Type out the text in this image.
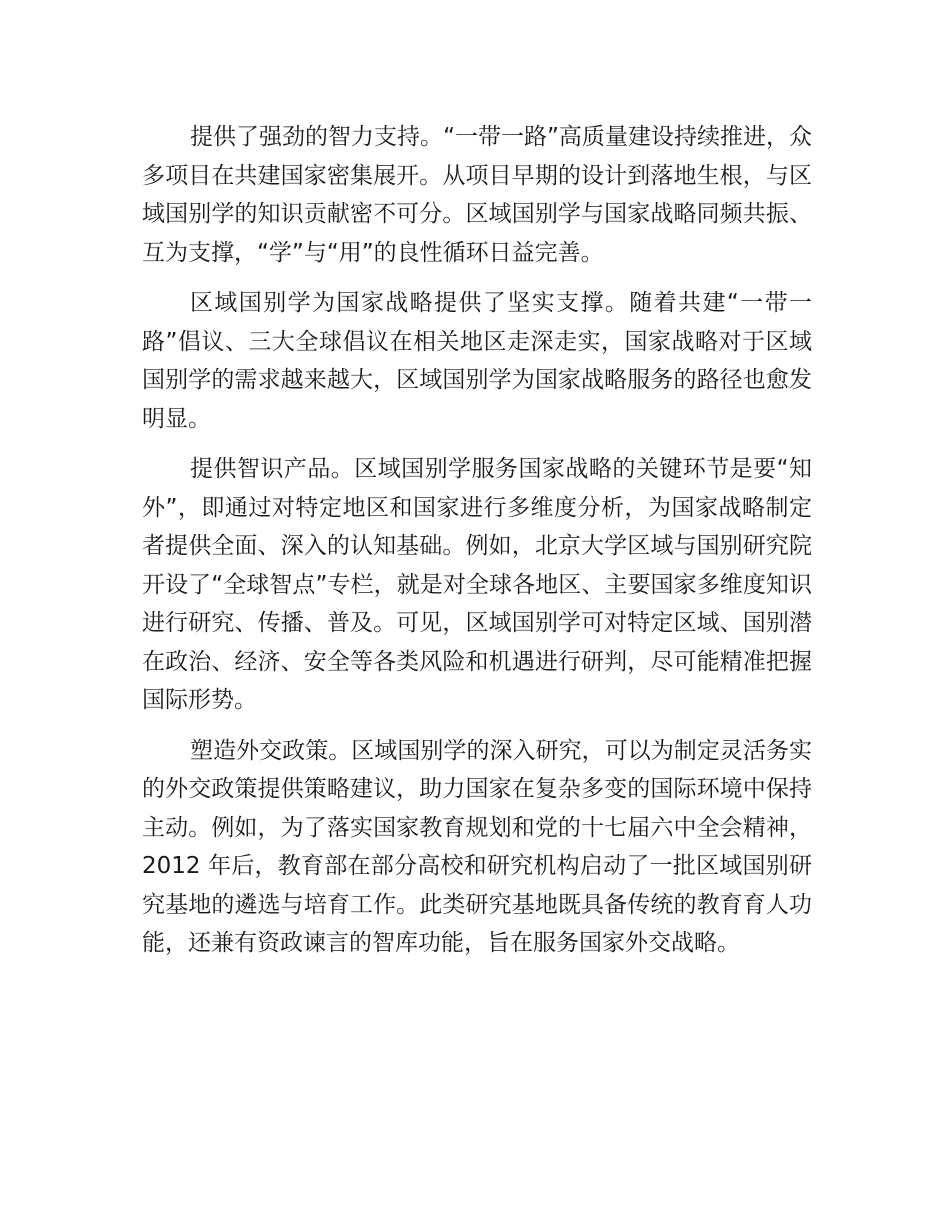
提供了强劲的智力支持。“一带一路”高质量建设持续推进，众多项目在共建国家密集展开。从项目早期的设计到落地生根，与区域国别学的知识贡献密不可分。区域国别学与国家战略同频共振、互为支撑，“学”与“用”的良性循环日益完善。

区域国别学为国家战略提供了坚实支撑。随着共建“一带一路”倡议、三大全球倡议在相关地区走深走实，国家战略对于区域国别学的需求越来越大，区域国别学为国家战略服务的路径也愈发明显。

提供智识产品。区域国别学服务国家战略的关键环节是要“知外”，即通过对特定地区和国家进行多维度分析，为国家战略制定者提供全面、深入的认知基础。例如，北京大学区域与国别研究院开设了“全球智点”专栏，就是对全球各地区、主要国家多维度知识进行研究、传播、普及。可见，区域国别学可对特定区域、国别潜在政治、经济、安全等各类风险和机遇进行研判，尽可能精准把握国际形势。

塑造外交政策。区域国别学的深入研究，可以为制定灵活务实的外交政策提供策略建议，助力国家在复杂多变的国际环境中保持主动。例如，为了落实国家教育规划和党的十七届六中全会精神，2012 年后，教育部在部分高校和研究机构启动了一批区域国别研究基地的遴选与培育工作。此类研究基地既具备传统的教育育人功能，还兼有资政谏言的智库功能，旨在服务国家外交战略。
